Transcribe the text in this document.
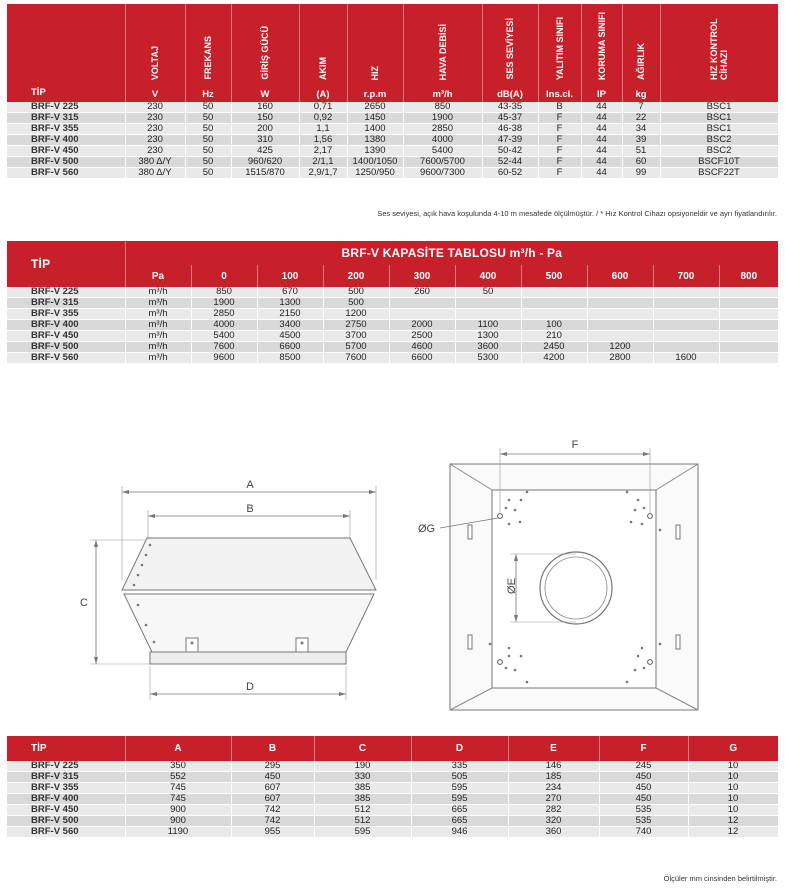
TİP	VOLTAJ	FREKANS	GİRİŞ GÜCÜ	AKIM	HIZ	HAVA DEBİSİ	SES SEVİYESİ	YALITIM SINIFI	KORUMA SINIFI	AĞIRLIK	HIZ KONTROL CİHAZI
	V	Hz	W	(A)	r.p.m	m³/h	dB(A)	Ins.cl.	IP	kg	
BRF-V 225	230	50	160	0,71	2650	850	43-35	B	44	7	BSC1
BRF-V 315	230	50	150	0,92	1450	1900	45-37	F	44	22	BSC1
BRF-V 355	230	50	200	1,1	1400	2850	46-38	F	44	34	BSC1
BRF-V 400	230	50	310	1,56	1380	4000	47-39	F	44	39	BSC2
BRF-V 450	230	50	425	2,17	1390	5400	50-42	F	44	51	BSC2
BRF-V 500	380 Δ/Y	50	960/620	2/1,1	1400/1050	7600/5700	52-44	F	44	60	BSCF10T
BRF-V 560	380 Δ/Y	50	1515/870	2,9/1,7	1250/950	9600/7300	60-52	F	44	99	BSCF22T
Ses seviyesi, açık hava koşulunda 4-10 m mesafede ölçülmüştür. / * Hız Kontrol Cihazı opsiyoneldir ve ayrı fiyatlandırılır.
TİP	BRF-V KAPASİTE TABLOSU m³/h - Pa									
	Pa	0	100	200	300	400	500	600	700	800
BRF-V 225	m³/h	850	670	500	260	50				
BRF-V 315	m³/h	1900	1300	500						
BRF-V 355	m³/h	2850	2150	1200						
BRF-V 400	m³/h	4000	3400	2750	2000	1100	100			
BRF-V 450	m³/h	5400	4500	3700	2500	1300	210			
BRF-V 500	m³/h	7600	6600	5700	4600	3600	2450	1200		
BRF-V 560	m³/h	9600	8500	7600	6600	5300	4200	2800	1600	
A
B
C
D
F
ØG
ØE
TİP	A	B	C	D	E	F	G
BRF-V 225	350	295	190	335	146	245	10
BRF-V 315	552	450	330	505	185	450	10
BRF-V 355	745	607	385	595	234	450	10
BRF-V 400	745	607	385	595	270	450	10
BRF-V 450	900	742	512	665	282	535	10
BRF-V 500	900	742	512	665	320	535	12
BRF-V 560	1190	955	595	946	360	740	12
Ölçüler mm cinsinden belirtilmiştir.
